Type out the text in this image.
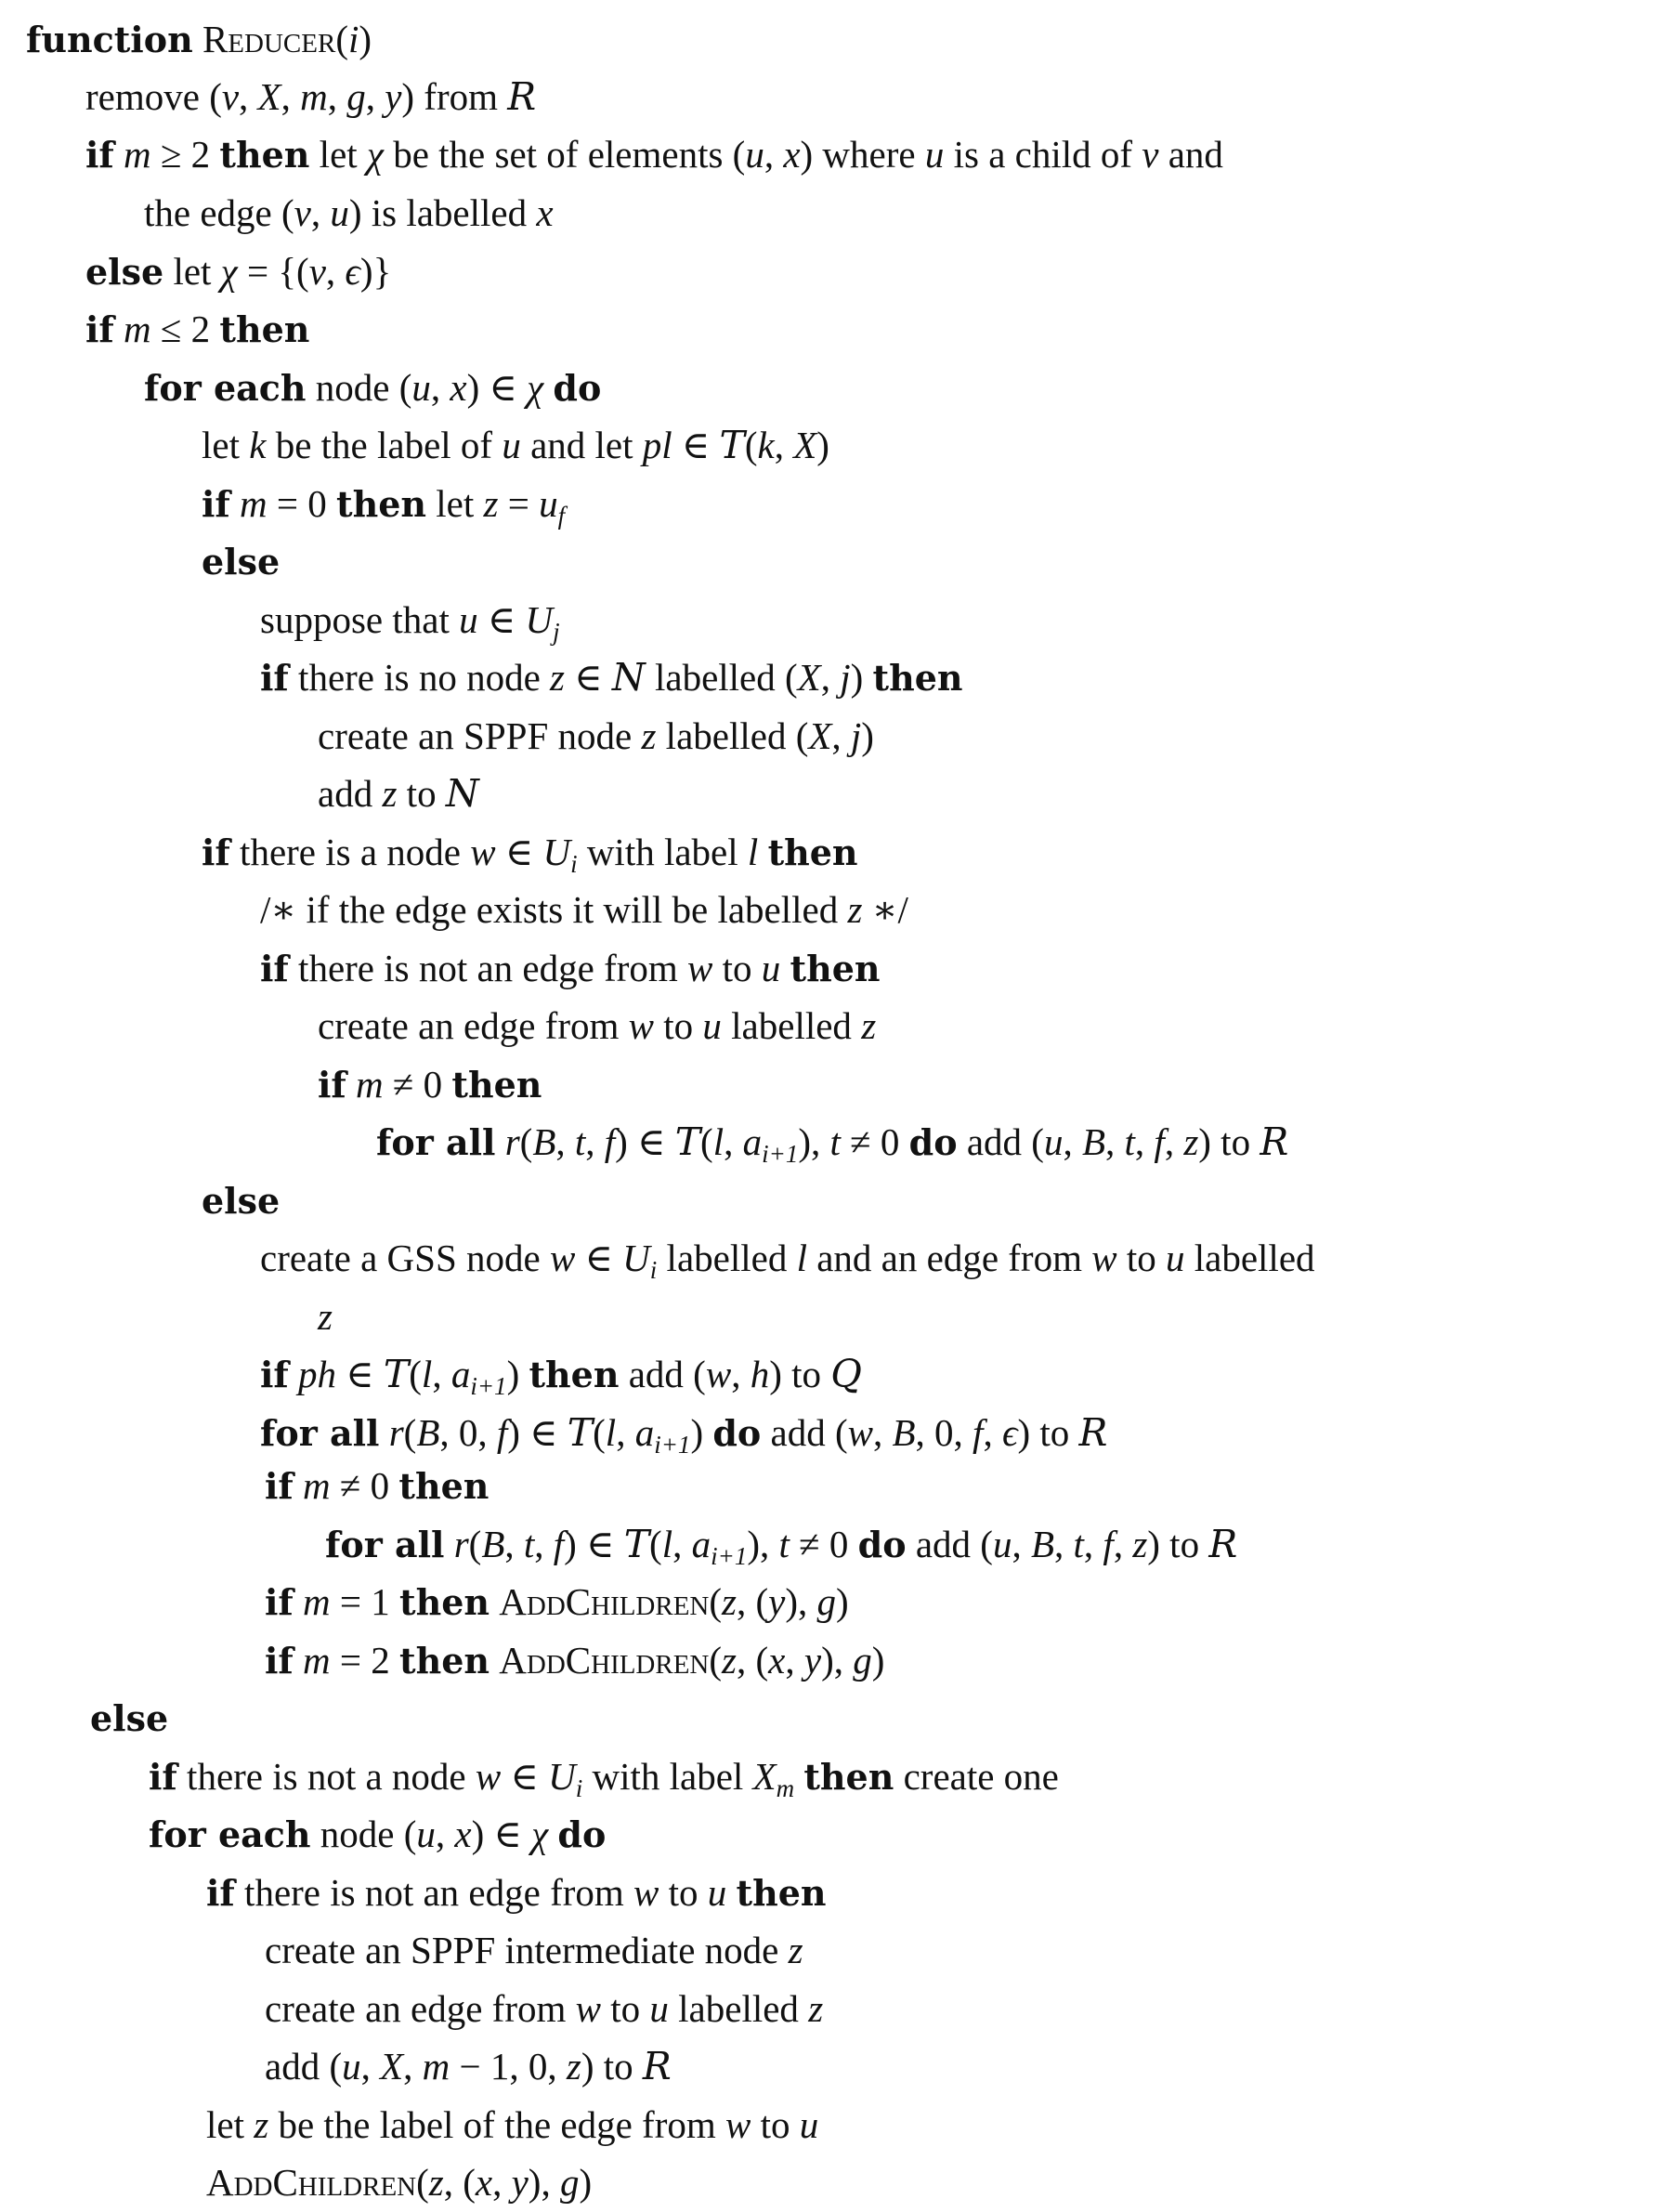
function Reducer(i)
remove (v, X, m, g, y) from R
if m ≥ 2 then let χ be the set of elements (u, x) where u is a child of v and
the edge (v, u) is labelled x
else let χ = {(v, ϵ)}
if m ≤ 2 then
for each node (u, x) ∈ χ do
let k be the label of u and let pl ∈ T(k, X)
if m = 0 then let $z = u_f$
else
suppose that u ∈ $U_j$
if there is no node z ∈ N labelled (X, j) then
create an SPPF node z labelled (X, j)
add z to N
if there is a node w ∈ $U_i$ with label l then
/∗ if the edge exists it will be labelled z ∗/
if there is not an edge from w to u then
create an edge from w to u labelled z
if m ≠ 0 then
for all r(B, t, f) ∈ T(l, $a_{i+1}$), t ≠ 0 do add (u, B, t, f, z) to R
else
create a GSS node w ∈ $U_i$ labelled l and an edge from w to u labelled
z
if ph ∈ T(l, $a_{i+1}$) then add (w, h) to Q
for all r(B, 0, f) ∈ T(l, $a_{i+1}$) do add (w, B, 0, f, ϵ) to R
if m ≠ 0 then
for all r(B, t, f) ∈ T(l, $a_{i+1}$), t ≠ 0 do add (u, B, t, f, z) to R
if m = 1 then AddChildren(z, (y), g)
if m = 2 then AddChildren(z, (x, y), g)
else
if there is not a node w ∈ $U_i$ with label $X_m$ then create one
for each node (u, x) ∈ χ do
if there is not an edge from w to u then
create an SPPF intermediate node z
create an edge from w to u labelled z
add (u, X, m − 1, 0, z) to R
let z be the label of the edge from w to u
AddChildren(z, (x, y), g)
